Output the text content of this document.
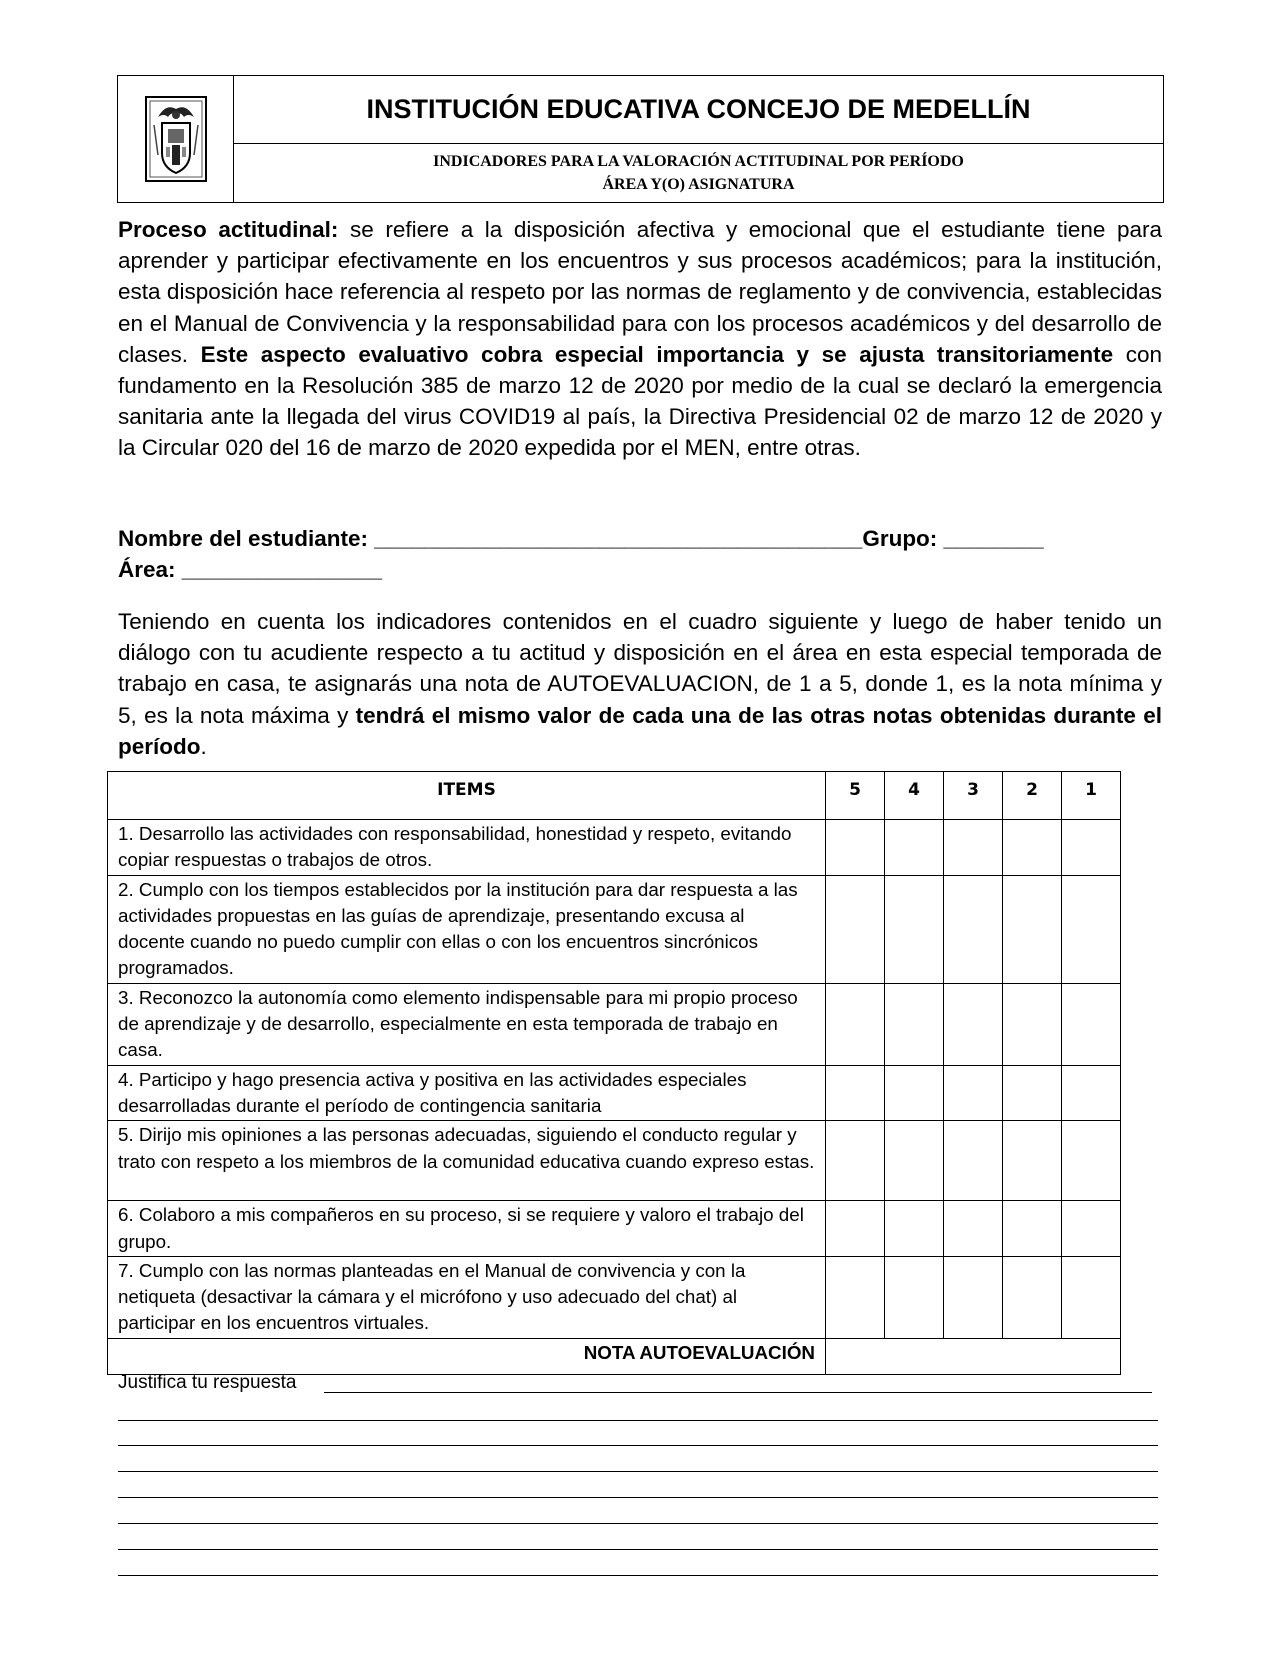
INSTITUCIÓN EDUCATIVA CONCEJO DE MEDELLÍN
INDICADORES PARA LA VALORACIÓN ACTITUDINAL POR PERÍODO
ÁREA Y(O) ASIGNATURA
Proceso actitudinal: se refiere a la disposición afectiva y emocional que el estudiante tiene para aprender y participar efectivamente en los encuentros y sus procesos académicos; para la institución, esta disposición hace referencia al respeto por las normas de reglamento y de convivencia, establecidas en el Manual de Convivencia y la responsabilidad para con los procesos académicos y del desarrollo de clases. Este aspecto evaluativo cobra especial importancia y se ajusta transitoriamente con fundamento en la Resolución 385 de marzo 12 de 2020 por medio de la cual se declaró la emergencia sanitaria ante la llegada del virus COVID19 al país, la Directiva Presidencial 02 de marzo 12 de 2020 y la Circular 020 del 16 de marzo de 2020 expedida por el MEN, entre otras.
Nombre del estudiante: _______________________________________Grupo: ________
Área: ________________
Teniendo en cuenta los indicadores contenidos en el cuadro siguiente y luego de haber tenido un diálogo con tu acudiente respecto a tu actitud y disposición en el área en esta especial temporada de trabajo en casa, te asignarás una nota de AUTOEVALUACION, de 1 a 5, donde 1, es la nota mínima y 5, es la nota máxima y tendrá el mismo valor de cada una de las otras notas obtenidas durante el período.
ITEMS	5	4	3	2	1
1. Desarrollo las actividades con responsabilidad, honestidad y respeto, evitando copiar respuestas o trabajos de otros.					
2. Cumplo con los tiempos establecidos por la institución para dar respuesta a las actividades propuestas en las guías de aprendizaje, presentando excusa al docente cuando no puedo cumplir con ellas o con los encuentros sincrónicos programados.					
3. Reconozco la autonomía como elemento indispensable para mi propio proceso de aprendizaje y de desarrollo, especialmente en esta temporada de trabajo en casa.					
4. Participo y hago presencia activa y positiva en las actividades especiales desarrolladas durante el período de contingencia sanitaria					
5. Dirijo mis opiniones a las personas adecuadas, siguiendo el conducto regular y trato con respeto a los miembros de la comunidad educativa cuando expreso estas.					
6. Colaboro a mis compañeros en su proceso, si se requiere y valoro el trabajo del grupo.					
7. Cumplo con las normas planteadas en el Manual de convivencia y con la netiqueta (desactivar la cámara y el micrófono y uso adecuado del chat) al participar en los encuentros virtuales.					
NOTA AUTOEVALUACIÓN					
Justifica tu respuesta
